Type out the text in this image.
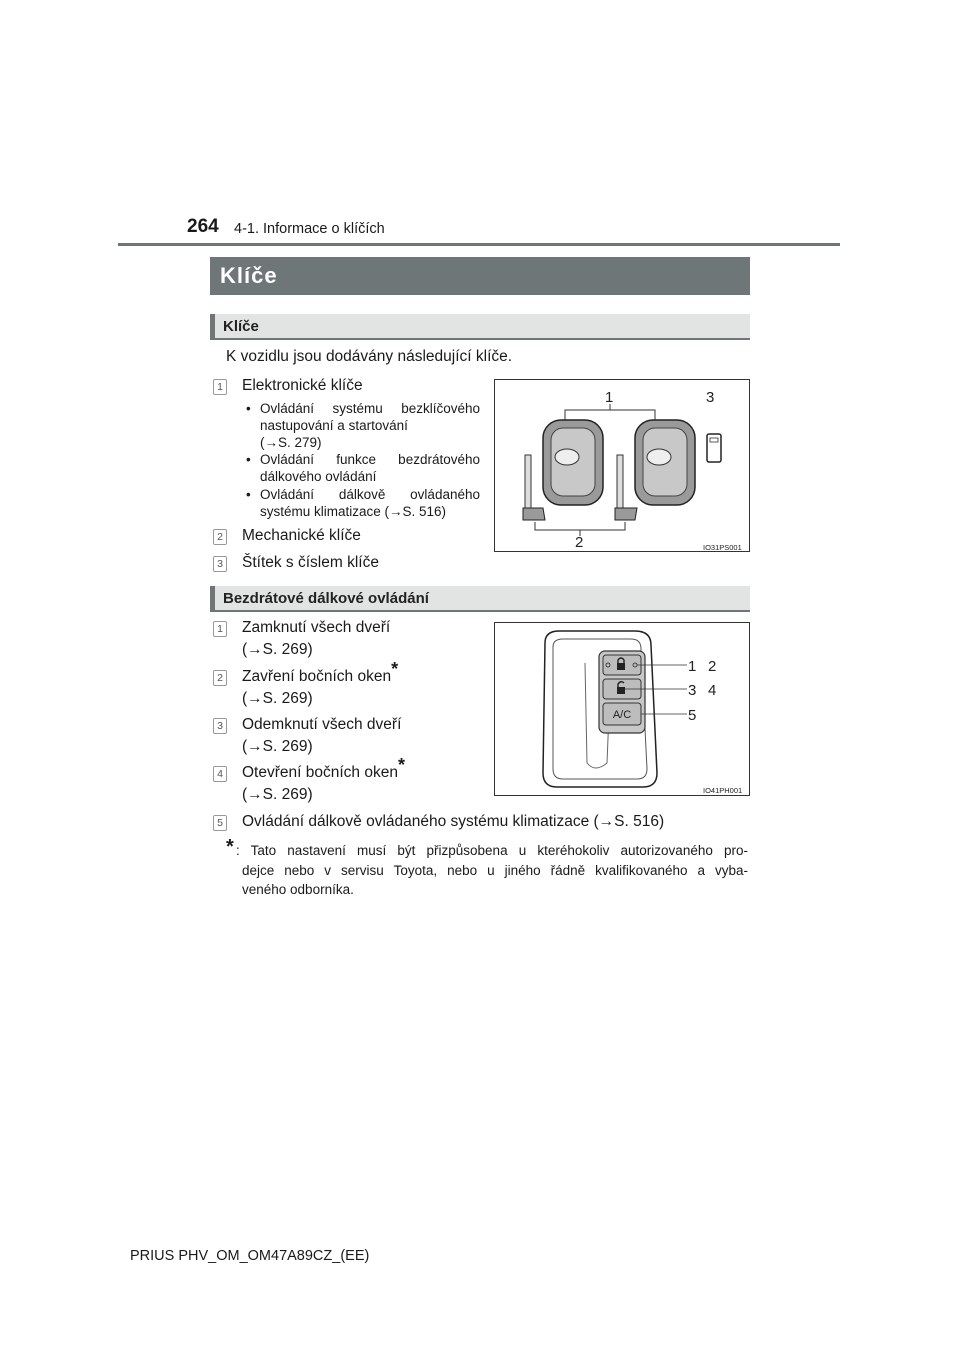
264 4-1. Informace o klíčích
Klíče
Klíče
K vozidlu jsou dodávány následující klíče.
1 Elektronické klíče
• Ovládání systému bezklíčového
nastupování a startování
(→S. 279)
• Ovládání funkce bezdrátového
dálkového ovládání
• Ovládání dálkově ovládaného
systému klimatizace (→S. 516)
2 Mechanické klíče
3 Štítek s číslem klíče
1
2
3
IO31PS001
Bezdrátové dálkové ovládání
1 Zamknutí všech dveří
(→S. 269)
2 Zavření bočních oken*
(→S. 269)
3 Odemknutí všech dveří
(→S. 269)
4 Otevření bočních oken*
(→S. 269)
5 Ovládání dálkově ovládaného systému klimatizace (→S. 516)
* : Tato nastavení musí být přizpůsobena u kteréhokoliv autorizovaného pro-
dejce nebo v servisu Toyota, nebo u jiného řádně kvalifikovaného a vyba-
veného odborníka.
A/C
1 2
3 4
5
IO41PH001
PRIUS PHV_OM_OM47A89CZ_(EE)
